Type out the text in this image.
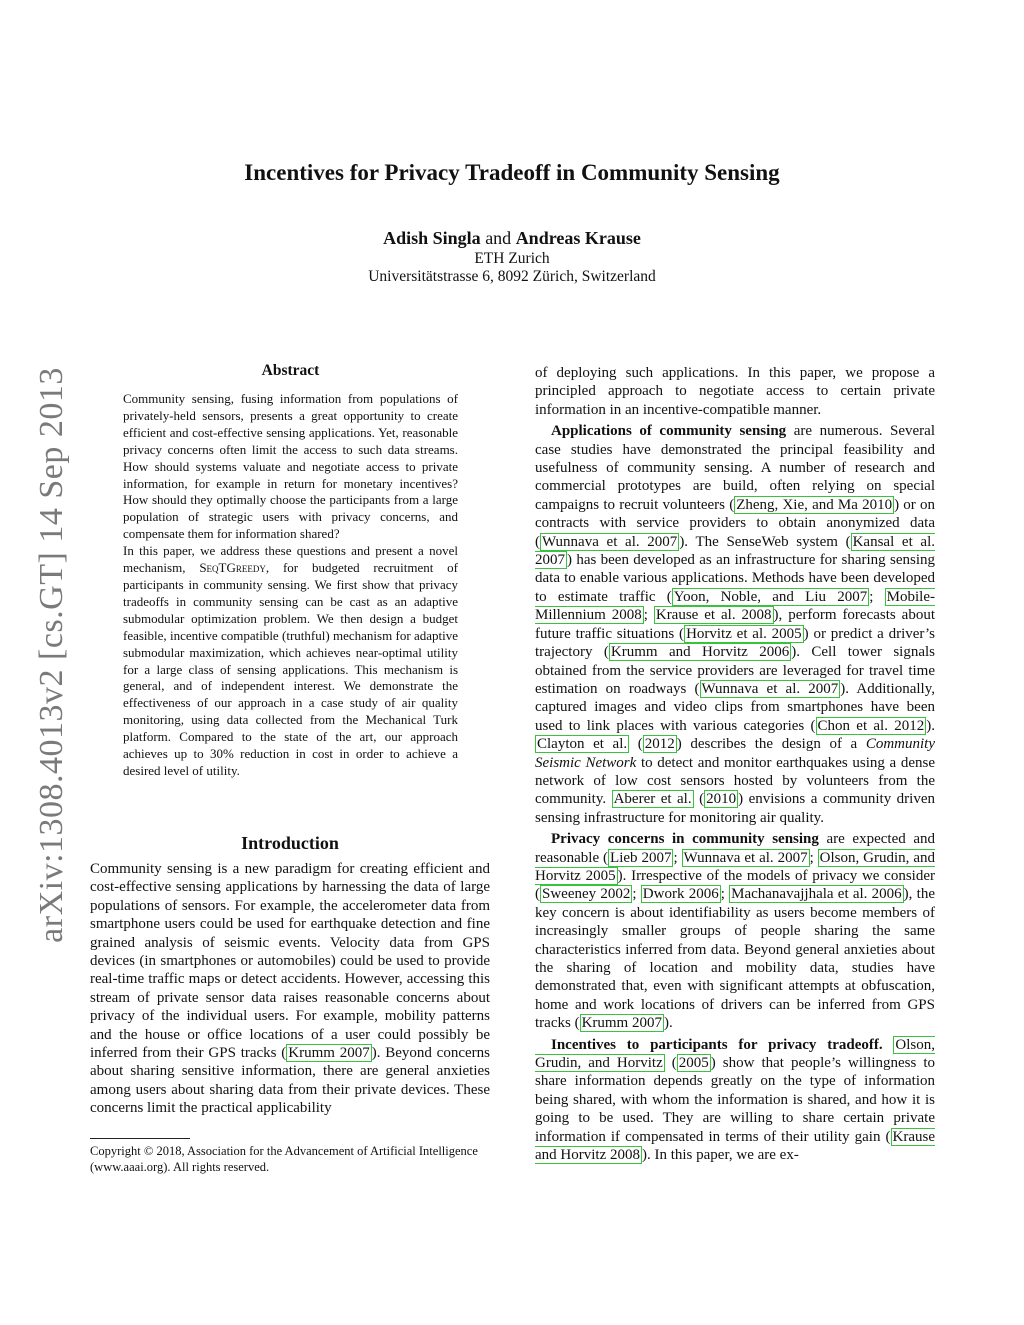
arXiv:1308.4013v2 [cs.GT] 14 Sep 2013
Incentives for Privacy Tradeoff in Community Sensing
Adish Singla and Andreas Krause
ETH Zurich
Universitätstrasse 6, 8092 Zürich, Switzerland
Abstract

Community sensing, fusing information from populations of privately-held sensors, presents a great opportunity to create efficient and cost-effective sensing applications. Yet, reasonable privacy concerns often limit the access to such data streams. How should systems valuate and negotiate access to private information, for example in return for monetary incentives? How should they optimally choose the participants from a large population of strategic users with privacy concerns, and compensate them for information shared?

In this paper, we address these questions and present a novel mechanism, SeqTGreedy, for budgeted recruitment of participants in community sensing. We first show that privacy tradeoffs in community sensing can be cast as an adaptive submodular optimization problem. We then design a budget feasible, incentive compatible (truthful) mechanism for adaptive submodular maximization, which achieves near-optimal utility for a large class of sensing applications. This mechanism is general, and of independent interest. We demonstrate the effectiveness of our approach in a case study of air quality monitoring, using data collected from the Mechanical Turk platform. Compared to the state of the art, our approach achieves up to 30% reduction in cost in order to achieve a desired level of utility.

Introduction

Community sensing is a new paradigm for creating efficient and cost-effective sensing applications by harnessing the data of large populations of sensors. For example, the accelerometer data from smartphone users could be used for earthquake detection and fine grained analysis of seismic events. Velocity data from GPS devices (in smartphones or automobiles) could be used to provide real-time traffic maps or detect accidents. However, accessing this stream of private sensor data raises reasonable concerns about privacy of the individual users. For example, mobility patterns and the house or office locations of a user could possibly be inferred from their GPS tracks ( Krumm 2007 ). Beyond concerns about sharing sensitive information, there are general anxieties among users about sharing data from their private devices. These concerns limit the practical applicability

Copyright © 2018, Association for the Advancement of Artificial Intelligence (www.aaai.org). All rights reserved.

of deploying such applications. In this paper, we propose a principled approach to negotiate access to certain private information in an incentive-compatible manner.

Applications of community sensing are numerous. Several case studies have demonstrated the principal feasibility and usefulness of community sensing. A number of research and commercial prototypes are build, often relying on special campaigns to recruit volunteers ( Zheng, Xie, and Ma 2010 ) or on contracts with service providers to obtain anonymized data ( Wunnava et al. 2007 ). The SenseWeb system ( Kansal et al. 2007 ) has been developed as an infrastructure for sharing sensing data to enable various applications. Methods have been developed to estimate traffic ( Yoon, Noble, and Liu 2007 ; Mobile-Millennium 2008 ; Krause et al. 2008 ), perform forecasts about future traffic situations ( Horvitz et al. 2005 ) or predict a driver’s trajectory ( Krumm and Horvitz 2006 ). Cell tower signals obtained from the service providers are leveraged for travel time estimation on roadways ( Wunnava et al. 2007 ). Additionally, captured images and video clips from smartphones have been used to link places with various categories ( Chon et al. 2012 ). Clayton et al. ( 2012 ) describes the design of a Community Seismic Network to detect and monitor earthquakes using a dense network of low cost sensors hosted by volunteers from the community. Aberer et al. ( 2010 ) envisions a community driven sensing infrastructure for monitoring air quality.

Privacy concerns in community sensing are expected and reasonable ( Lieb 2007 ; Wunnava et al. 2007 ; Olson, Grudin, and Horvitz 2005 ). Irrespective of the models of privacy we consider ( Sweeney 2002 ; Dwork 2006 ; Machanavajjhala et al. 2006 ), the key concern is about identifiability as users become members of increasingly smaller groups of people sharing the same characteristics inferred from data. Beyond general anxieties about the sharing of location and mobility data, studies have demonstrated that, even with significant attempts at obfuscation, home and work locations of drivers can be inferred from GPS tracks ( Krumm 2007 ).

Incentives to participants for privacy tradeoff. Olson, Grudin, and Horvitz ( 2005 ) show that people’s willingness to share information depends greatly on the type of information being shared, with whom the information is shared, and how it is going to be used. They are willing to share certain private information if compensated in terms of their utility gain ( Krause and Horvitz 2008 ). In this paper, we are ex-
